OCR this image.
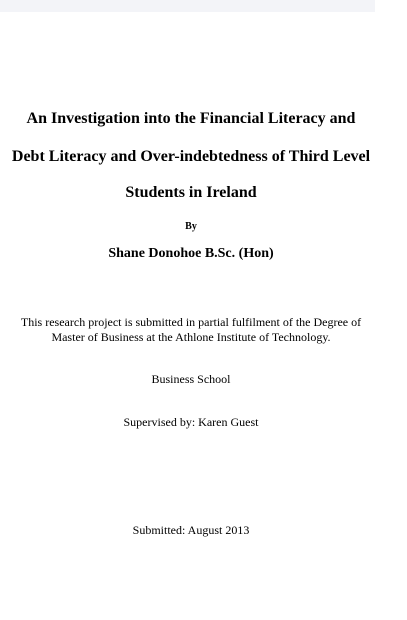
An Investigation into the Financial Literacy and
Debt Literacy and Over-indebtedness of Third Level
Students in Ireland
By
Shane Donohoe B.Sc. (Hon)
This research project is submitted in partial fulfilment of the Degree of
Master of Business at the Athlone Institute of Technology.
Business School
Supervised by: Karen Guest
Submitted: August 2013
